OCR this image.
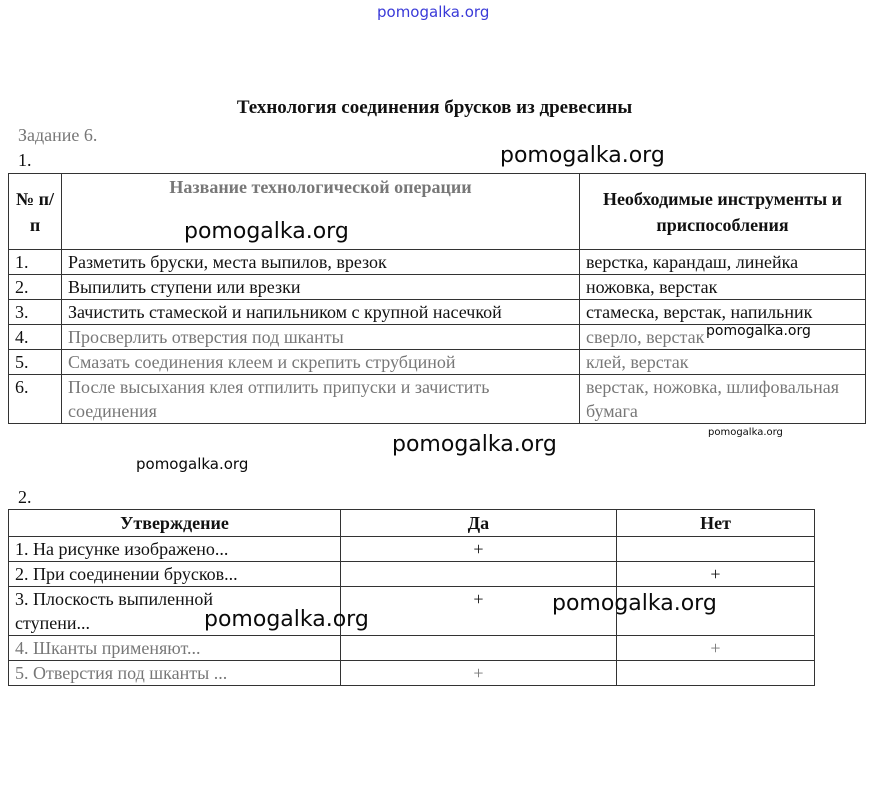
pomogalka.org
Технология соединения брусков из древесины
Задание 6.
1.
№ п/п	Название технологической операции	Необходимые инструменты и приспособления
1.	Разметить бруски, места выпилов, врезок	верстка, карандаш, линейка
2.	Выпилить ступени или врезки	ножовка, верстак
3.	Зачистить стамеской и напильником с крупной насечкой	стамеска, верстак, напильник
4.	Просверлить отверстия под шканты	сверло, верстак
5.	Смазать соединения клеем и скрепить струбциной	клей, верстак
6.	После высыхания клея отпилить припуски и зачистить соединения	верстак, ножовка, шлифовальная бумага
2.
Утверждение	Да	Нет
1. На рисунке изображено...	+	
2. При соединении брусков...		+

3. Плоскость выпиленной ступени...	+	
4. Шканты применяют...		+
5. Отверстия под шканты ...	+	
pomogalka.org
pomogalka.org
pomogalka.org
pomogalka.org
pomogalka.org
pomogalka.org
pomogalka.org
pomogalka.org
